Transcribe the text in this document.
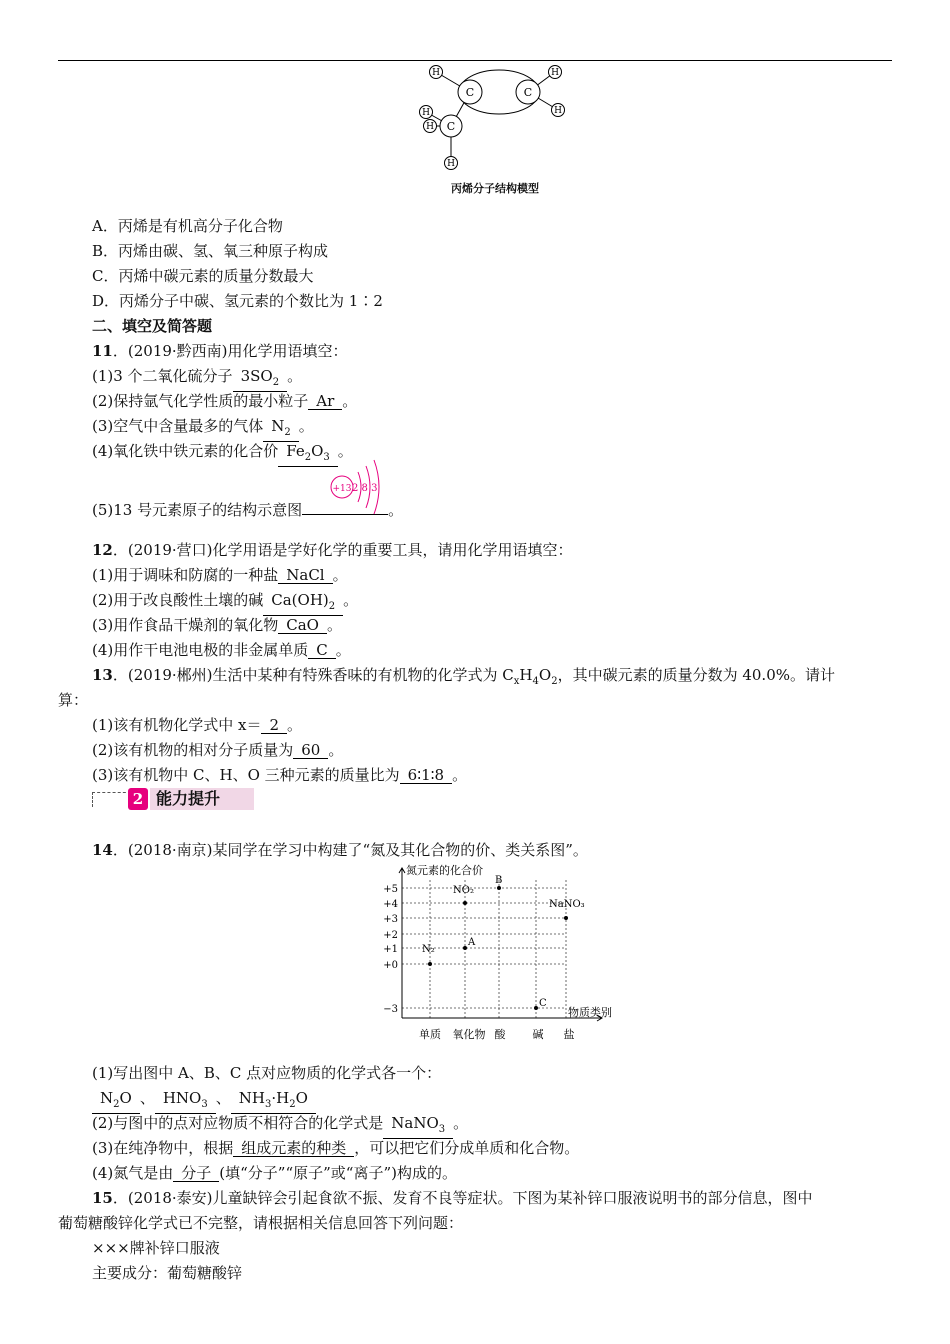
C	C
C
H	H
H
H
H
H
丙烯分子结构模型
A．丙烯是有机高分子化合物
B．丙烯由碳、氢、氧三种原子构成
C．丙烯中碳元素的质量分数最大
D．丙烯分子中碳、氢元素的个数比为 1∶2
二、填空及简答题
11．(2019·黔西南)用化学用语填空：
(1)3 个二氧化硫分子 $3SO_2$ 。
(2)保持氩气化学性质的最小粒子 Ar 。
(3)空气中含量最多的气体 $N_2$ 。
(4)氧化铁中铁元素的化合价 $Fe_2O_3$ 。
(5)13 号元素原子的结构示意图	。
+13 2 8 3
12．(2019·营口)化学用语是学好化学的重要工具，请用化学用语填空：
(1)用于调味和防腐的一种盐 NaCl 。
(2)用于改良酸性土壤的碱 $Ca(OH)_2$ 。
(3)用作食品干燥剂的氧化物 CaO 。
(4)用作干电池电极的非金属单质 C 。
13．(2019·郴州)生活中某种有特殊香味的有机物的化学式为 $C_xH_4O_2$，其中碳元素的质量分数为 40.0%。请计
算：
(1)该有机物化学式中 x＝ 2 。
(2)该有机物的相对分子质量为 60 。
(3)该有机物中 C、H、O 三种元素的质量比为 6∶1∶8 。
2 能力提升
14．(2018·南京)某同学在学习中构建了“氮及其化合物的价、类关系图”。
氮元素的化合价
物质类别
+5
+4
+3
+2
+1
+0
−3
单质 氧化物 酸 碱 盐
N₂
NO₂
A
B
C
NaNO₃
(1)写出图中 A、B、C 点对应物质的化学式各一个：
$N_2O$ 、 $HNO_3$ 、 $NH_3\cdot H_2O$
(2)与图中的点对应物质不相符合的化学式是 NaNO$_3$ 。
(3)在纯净物中，根据 组成元素的种类 ，可以把它们分成单质和化合物。
(4)氮气是由 分子 (填“分子”“原子”或“离子”)构成的。
15．(2018·泰安)儿童缺锌会引起食欲不振、发育不良等症状。下图为某补锌口服液说明书的部分信息，图中
葡萄糖酸锌化学式已不完整，请根据相关信息回答下列问题：
×××牌补锌口服液
主要成分：葡萄糖酸锌
